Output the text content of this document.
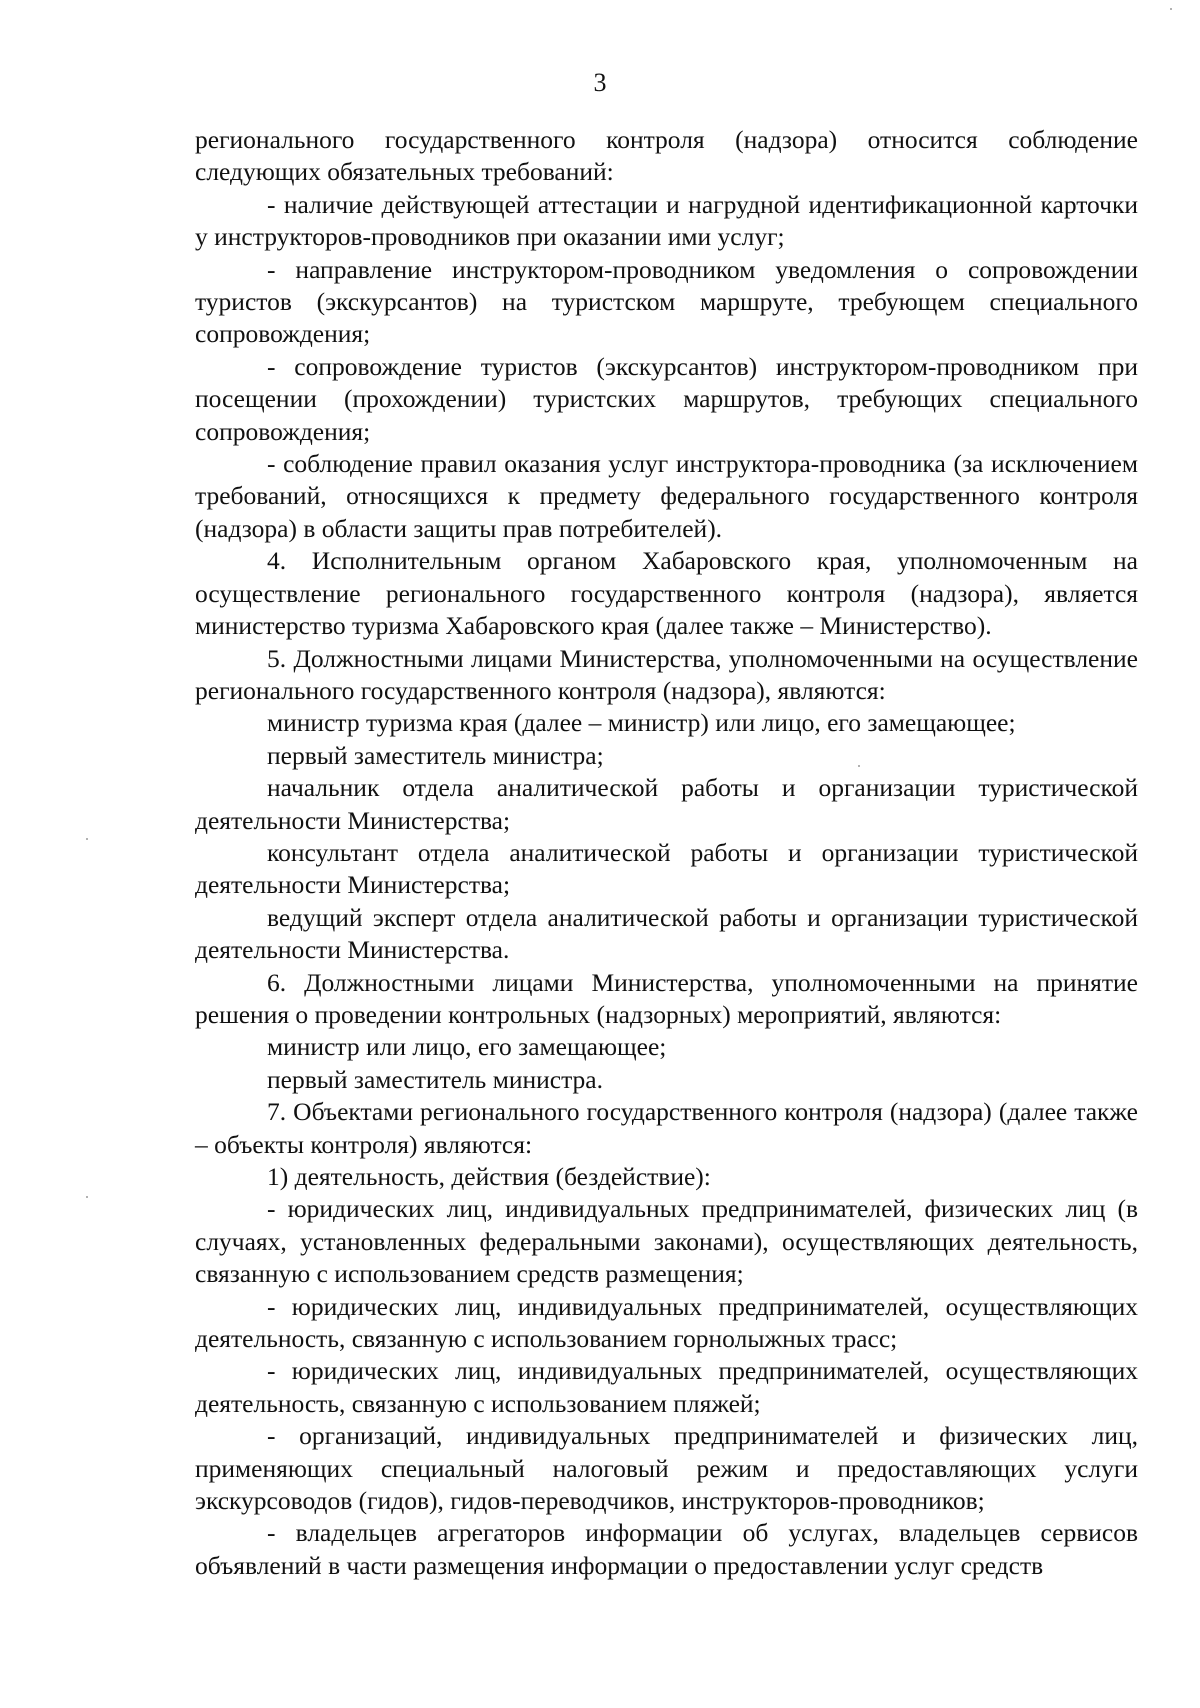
3

регионального государственного контроля (надзора) относится соблюдение следующих обязательных требований:

- наличие действующей аттестации и нагрудной идентификационной карточки у инструкторов-проводников при оказании ими услуг;

- направление инструктором-проводником уведомления о сопровождении туристов (экскурсантов) на туристском маршруте, требующем специального сопровождения;

- сопровождение туристов (экскурсантов) инструктором-проводником при посещении (прохождении) туристских маршрутов, требующих специального сопровождения;

- соблюдение правил оказания услуг инструктора-проводника (за исключением требований, относящихся к предмету федерального государственного контроля (надзора) в области защиты прав потребителей).

4. Исполнительным органом Хабаровского края, уполномоченным на осуществление регионального государственного контроля (надзора), является министерство туризма Хабаровского края (далее также – Министерство).

5. Должностными лицами Министерства, уполномоченными на осуществление регионального государственного контроля (надзора), являются:

министр туризма края (далее – министр) или лицо, его замещающее;

первый заместитель министра;

начальник отдела аналитической работы и организации туристической деятельности Министерства;

консультант отдела аналитической работы и организации туристической деятельности Министерства;

ведущий эксперт отдела аналитической работы и организации туристической деятельности Министерства.

6. Должностными лицами Министерства, уполномоченными на принятие решения о проведении контрольных (надзорных) мероприятий, являются:

министр или лицо, его замещающее;

первый заместитель министра.

7. Объектами регионального государственного контроля (надзора) (далее также – объекты контроля) являются:

1) деятельность, действия (бездействие):

- юридических лиц, индивидуальных предпринимателей, физических лиц (в случаях, установленных федеральными законами), осуществляющих деятельность, связанную с использованием средств размещения;

- юридических лиц, индивидуальных предпринимателей, осуществляющих деятельность, связанную с использованием горнолыжных трасс;

- юридических лиц, индивидуальных предпринимателей, осуществляющих деятельность, связанную с использованием пляжей;

- организаций, индивидуальных предпринимателей и физических лиц, применяющих специальный налоговый режим и предоставляющих услуги экскурсоводов (гидов), гидов-переводчиков, инструкторов-проводников;

- владельцев агрегаторов информации об услугах, владельцев сервисов объявлений в части размещения информации о предоставлении услуг средств
